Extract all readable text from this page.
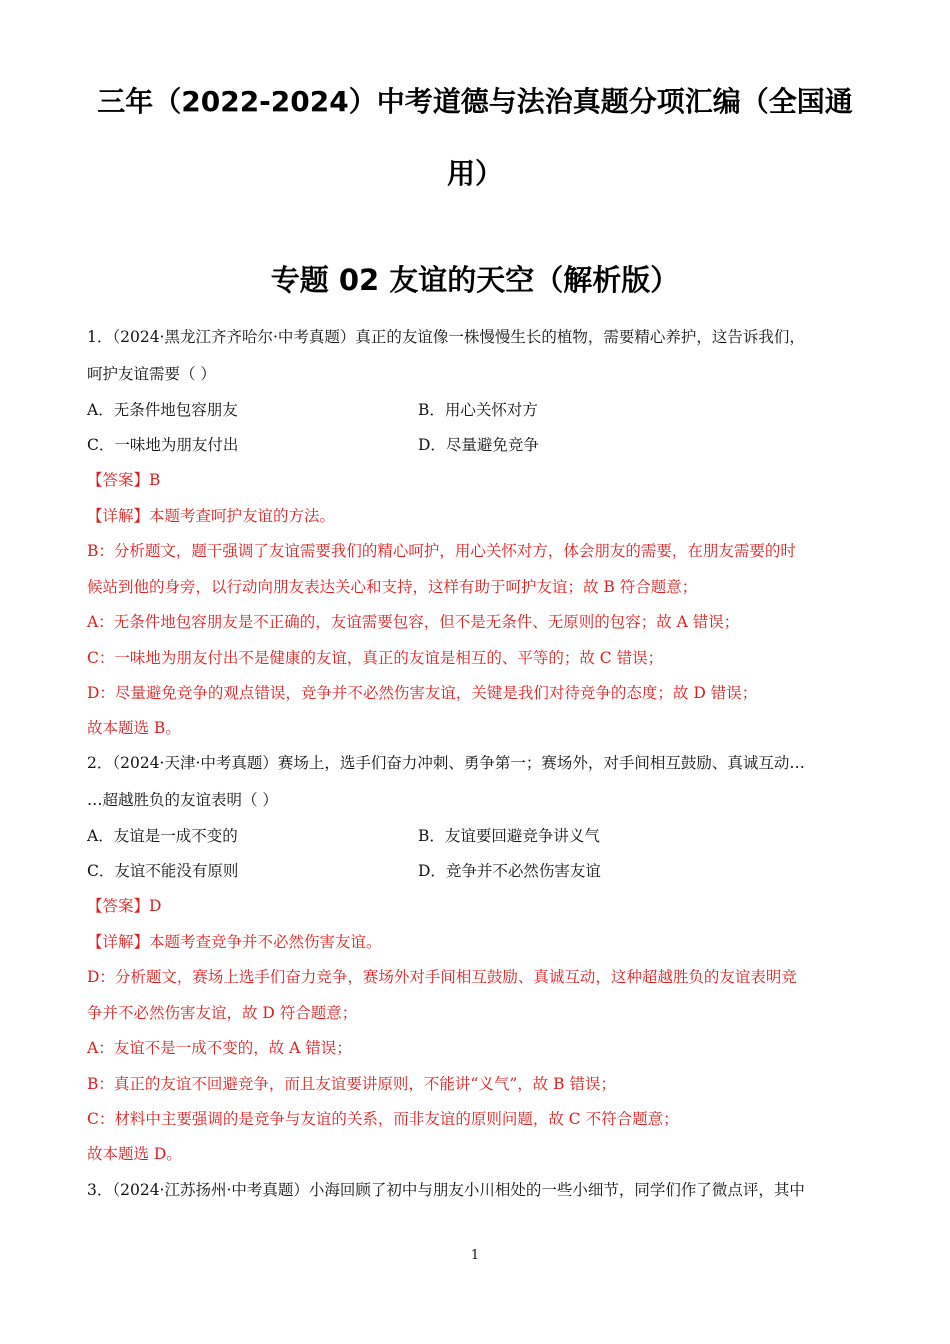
三年（2022-2024）中考道德与法治真题分项汇编（全国通
用）
专题 02 友谊的天空（解析版）
1．（2024·黑龙江齐齐哈尔·中考真题）真正的友谊像一株慢慢生长的植物，需要精心养护，这告诉我们，
呵护友谊需要（ ）
A．无条件地包容朋友	B．用心关怀对方
C．一味地为朋友付出	D．尽量避免竞争
【答案】B
【详解】本题考查呵护友谊的方法。
B：分析题文，题干强调了友谊需要我们的精心呵护，用心关怀对方，体会朋友的需要，在朋友需要的时
候站到他的身旁，以行动向朋友表达关心和支持，这样有助于呵护友谊；故 B 符合题意；
A：无条件地包容朋友是不正确的，友谊需要包容，但不是无条件、无原则的包容；故 A 错误；
C：一味地为朋友付出不是健康的友谊，真正的友谊是相互的、平等的；故 C 错误；
D：尽量避免竞争的观点错误，竞争并不必然伤害友谊，关键是我们对待竞争的态度；故 D 错误；
故本题选 B。
2．（2024·天津·中考真题）赛场上，选手们奋力冲刺、勇争第一；赛场外，对手间相互鼓励、真诚互动…
…超越胜负的友谊表明（ ）
A．友谊是一成不变的	B．友谊要回避竞争讲义气
C．友谊不能没有原则	D．竞争并不必然伤害友谊
【答案】D
【详解】本题考查竞争并不必然伤害友谊。
D：分析题文，赛场上选手们奋力竞争，赛场外对手间相互鼓励、真诚互动，这种超越胜负的友谊表明竞
争并不必然伤害友谊，故 D 符合题意；
A：友谊不是一成不变的，故 A 错误；
B：真正的友谊不回避竞争，而且友谊要讲原则，不能讲“义气”，故 B 错误；
C：材料中主要强调的是竞争与友谊的关系，而非友谊的原则问题，故 C 不符合题意；
故本题选 D。
3．（2024·江苏扬州·中考真题）小海回顾了初中与朋友小川相处的一些小细节，同学们作了微点评，其中
1
